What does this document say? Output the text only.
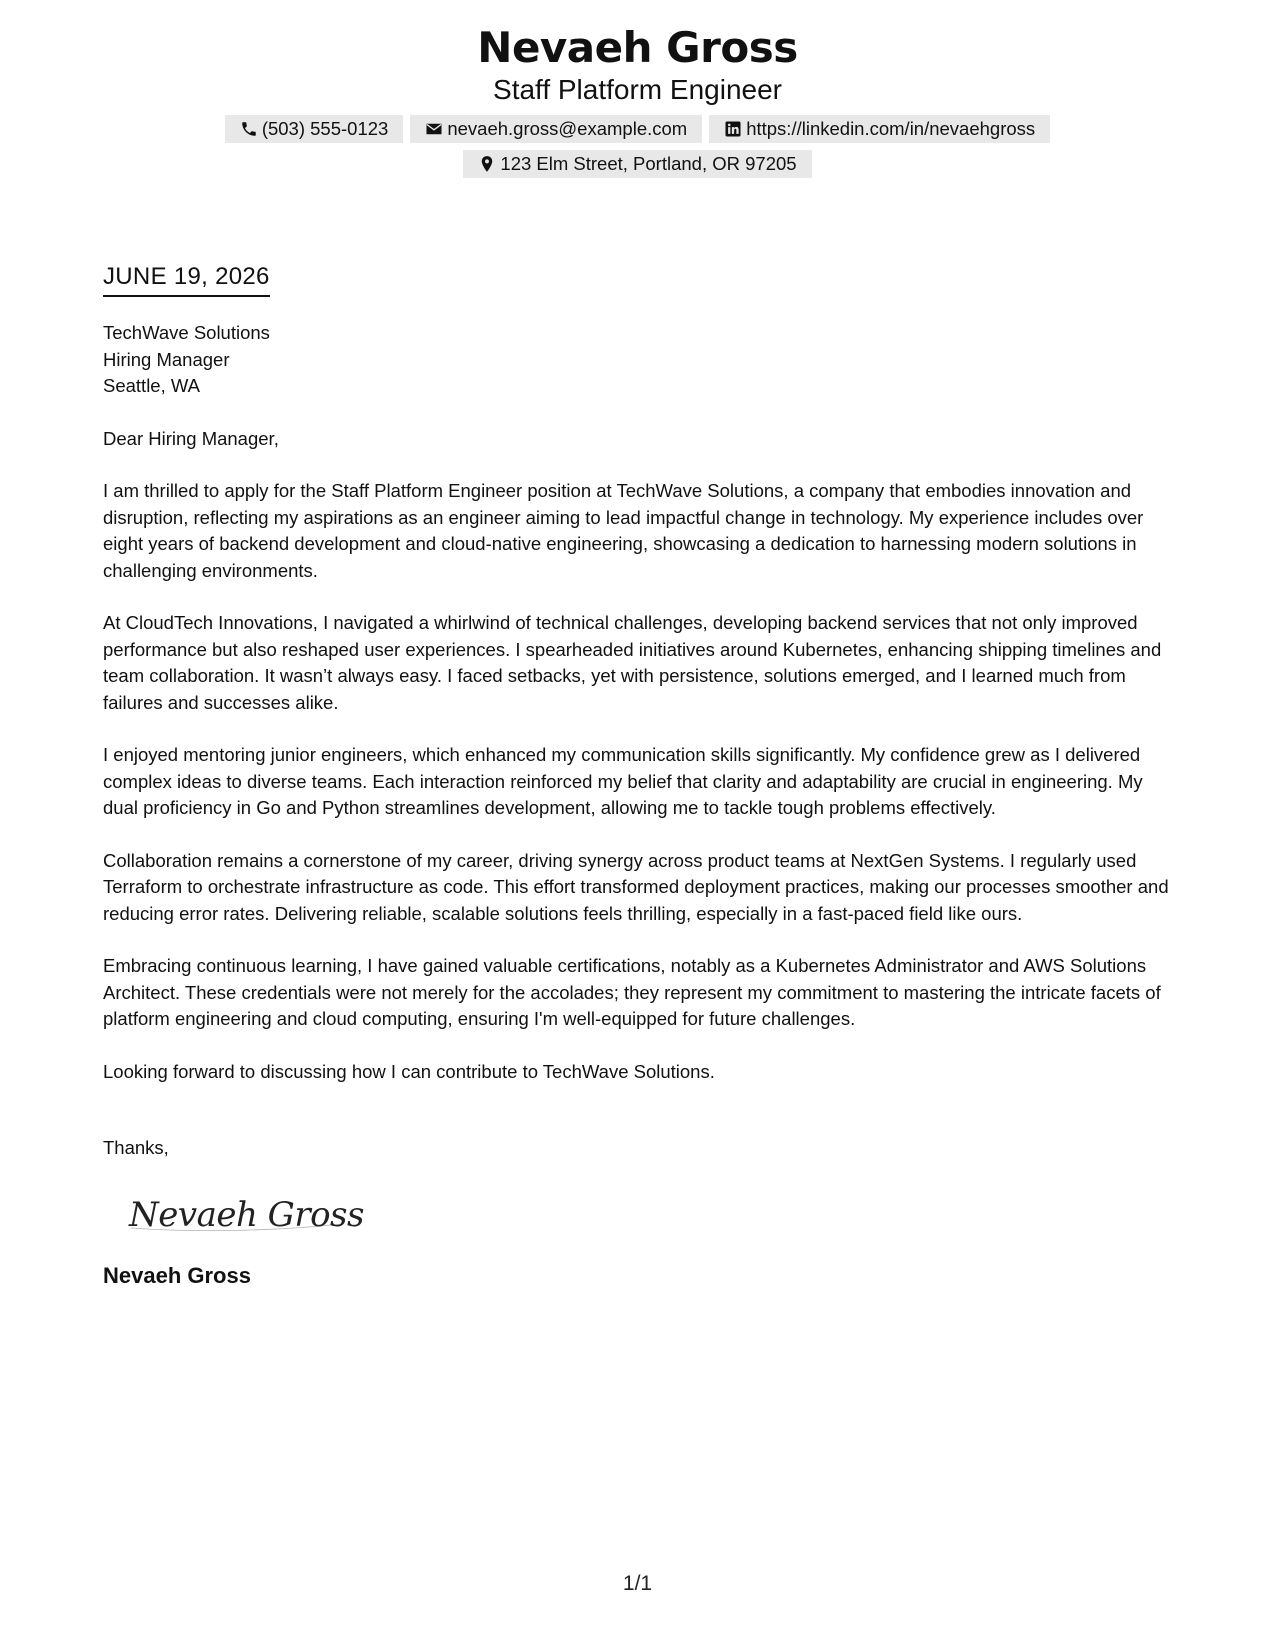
Nevaeh Gross
Staff Platform Engineer
(503) 555-0123	nevaeh.gross@example.com	https://linkedin.com/in/nevaehgross
123 Elm Street, Portland, OR 97205
JUNE 19, 2026
TechWave Solutions
Hiring Manager
Seattle, WA

Dear Hiring Manager,

I am thrilled to apply for the Staff Platform Engineer position at TechWave Solutions, a company that embodies innovation and disruption, reflecting my aspirations as an engineer aiming to lead impactful change in technology. My experience includes over eight years of backend development and cloud-native engineering, showcasing a dedication to harnessing modern solutions in challenging environments.

At CloudTech Innovations, I navigated a whirlwind of technical challenges, developing backend services that not only improved performance but also reshaped user experiences. I spearheaded initiatives around Kubernetes, enhancing shipping timelines and team collaboration. It wasn’t always easy. I faced setbacks, yet with persistence, solutions emerged, and I learned much from failures and successes alike.

I enjoyed mentoring junior engineers, which enhanced my communication skills significantly. My confidence grew as I delivered complex ideas to diverse teams. Each interaction reinforced my belief that clarity and adaptability are crucial in engineering. My dual proficiency in Go and Python streamlines development, allowing me to tackle tough problems effectively.

Collaboration remains a cornerstone of my career, driving synergy across product teams at NextGen Systems. I regularly used Terraform to orchestrate infrastructure as code. This effort transformed deployment practices, making our processes smoother and reducing error rates. Delivering reliable, scalable solutions feels thrilling, especially in a fast-paced field like ours.

Embracing continuous learning, I have gained valuable certifications, notably as a Kubernetes Administrator and AWS Solutions Architect. These credentials were not merely for the accolades; they represent my commitment to mastering the intricate facets of platform engineering and cloud computing, ensuring I'm well-equipped for future challenges.

Looking forward to discussing how I can contribute to TechWave Solutions.

Thanks,
Nevaeh Gross
Nevaeh Gross
1/1
